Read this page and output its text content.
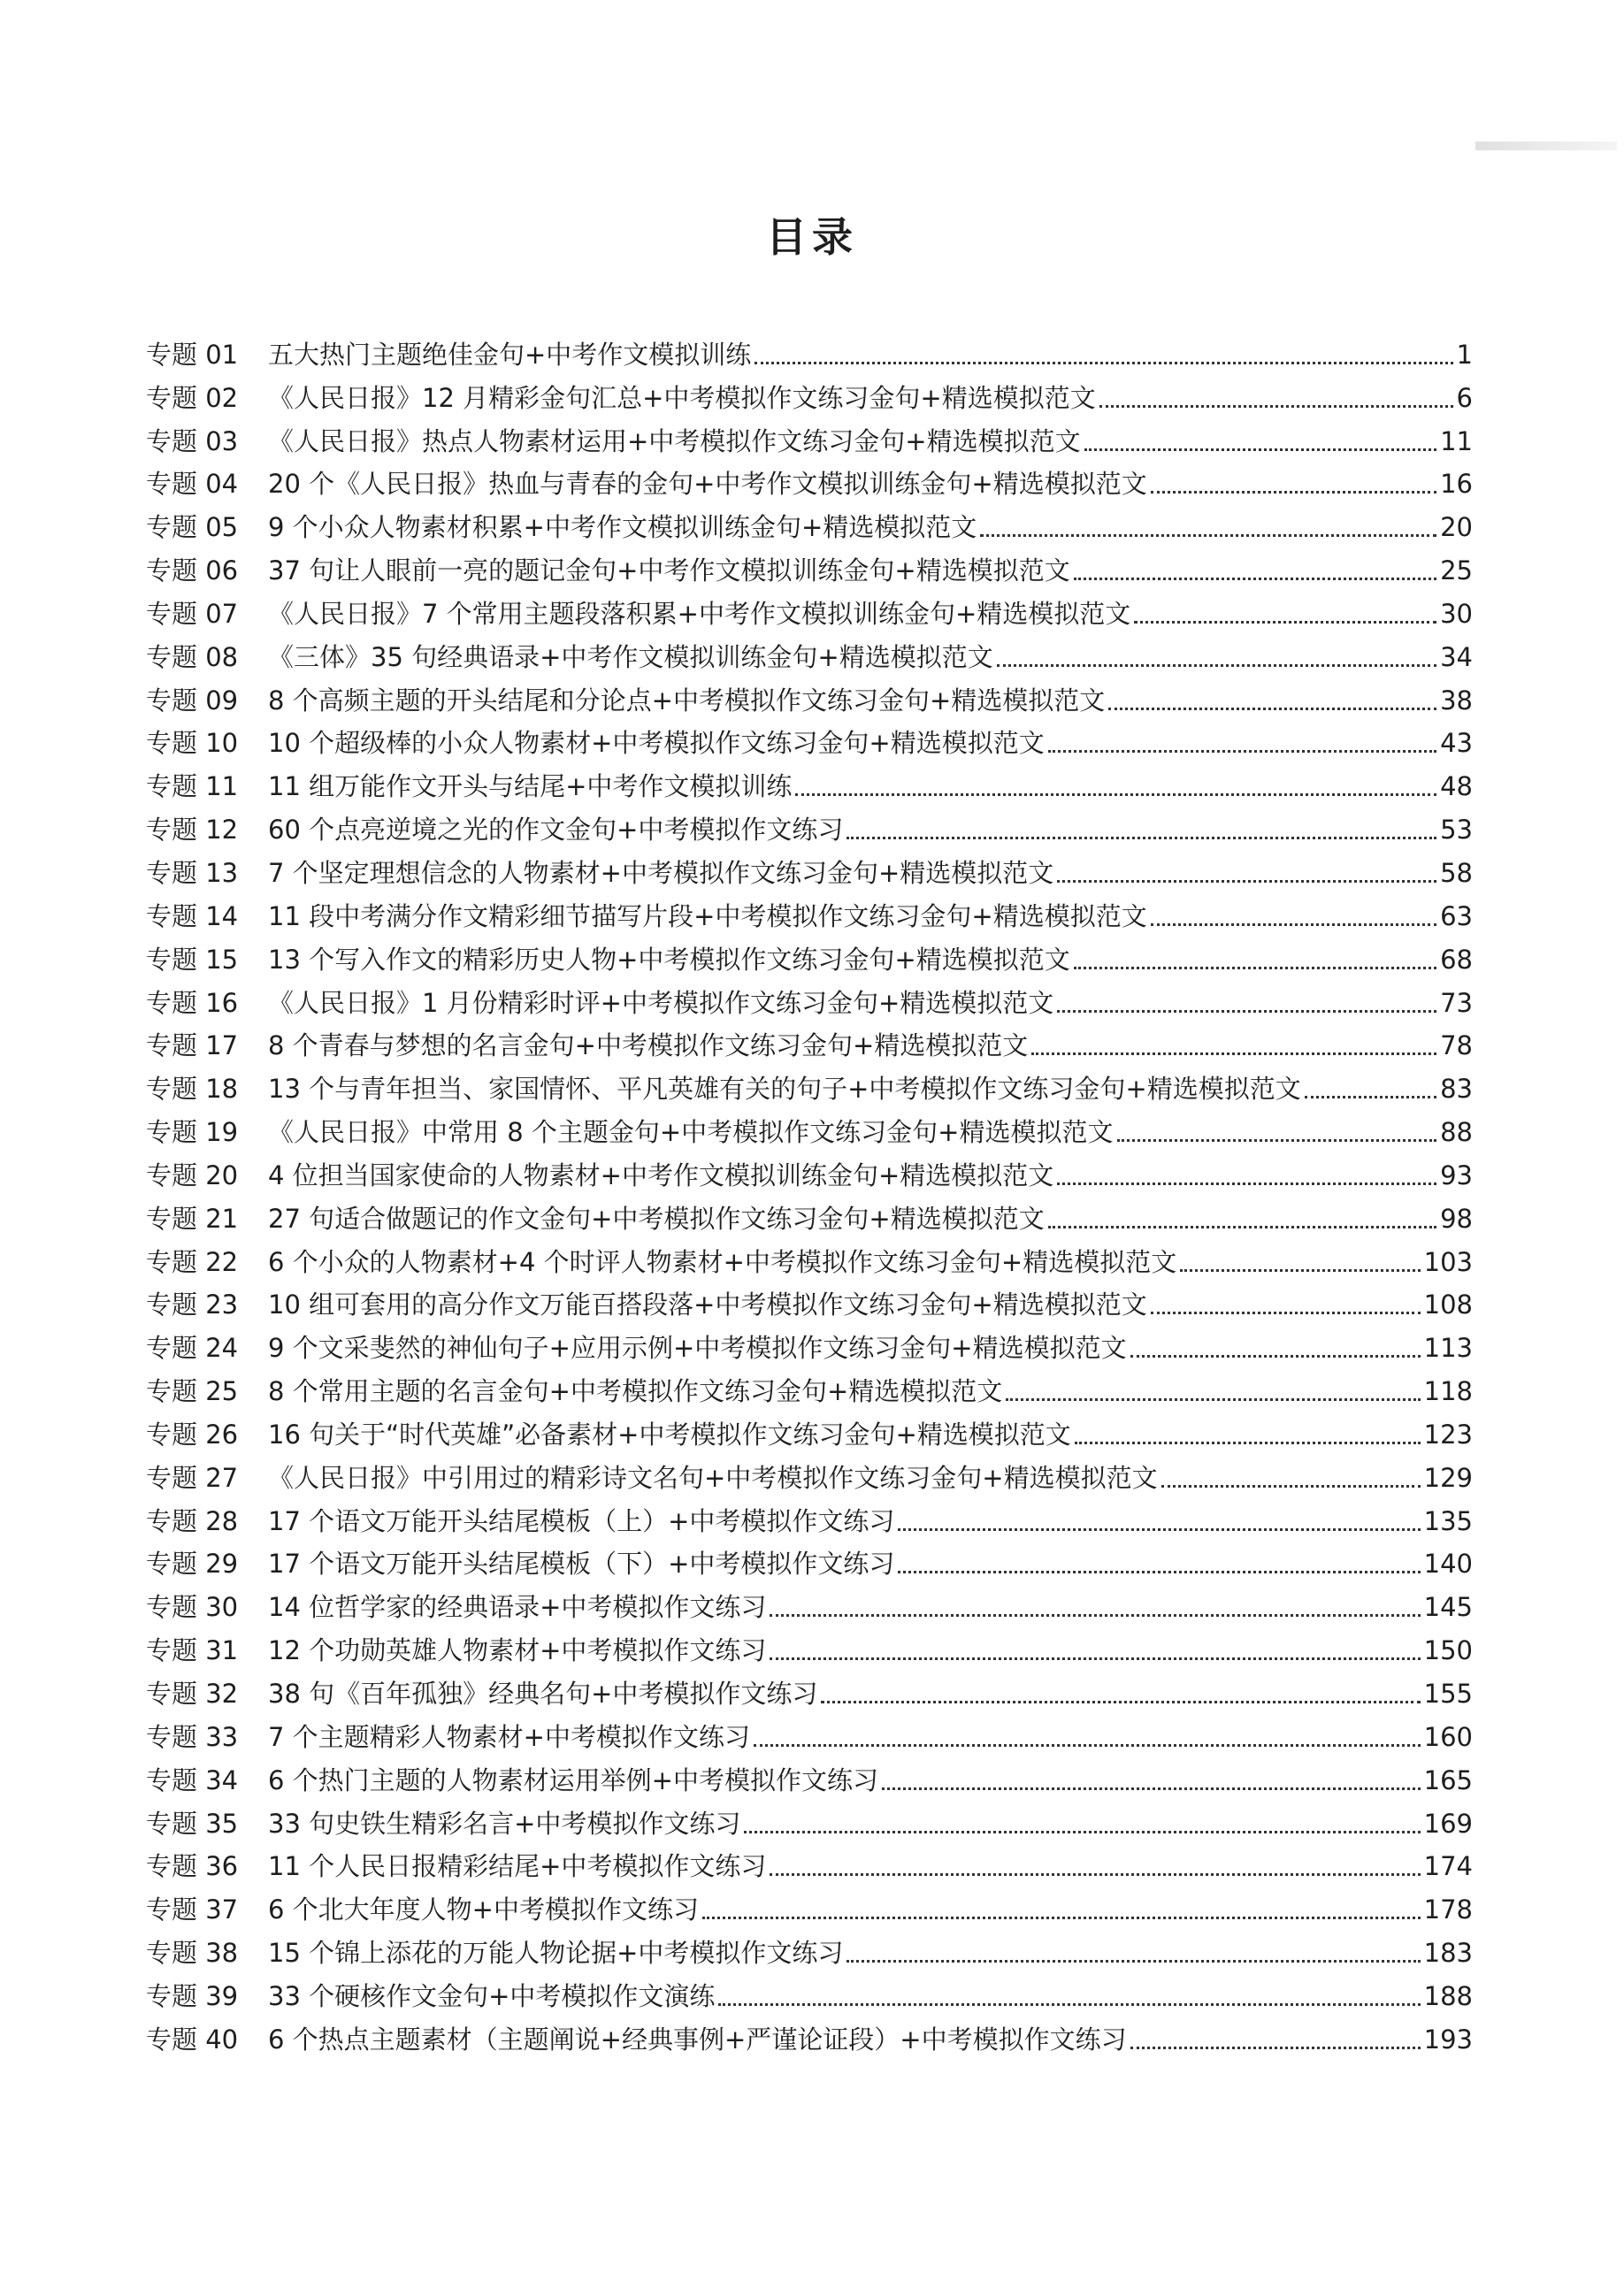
目录
专题 01	五大热门主题绝佳金句+中考作文模拟训练	1
专题 02	《人民日报》12 月精彩金句汇总+中考模拟作文练习金句+精选模拟范文	6
专题 03	《人民日报》热点人物素材运用+中考模拟作文练习金句+精选模拟范文	11
专题 04	20 个《人民日报》热血与青春的金句+中考作文模拟训练金句+精选模拟范文	16
专题 05	9 个小众人物素材积累+中考作文模拟训练金句+精选模拟范文	20
专题 06	37 句让人眼前一亮的题记金句+中考作文模拟训练金句+精选模拟范文	25
专题 07	《人民日报》7 个常用主题段落积累+中考作文模拟训练金句+精选模拟范文	30
专题 08	《三体》35 句经典语录+中考作文模拟训练金句+精选模拟范文	34
专题 09	8 个高频主题的开头结尾和分论点+中考模拟作文练习金句+精选模拟范文	38
专题 10	10 个超级棒的小众人物素材+中考模拟作文练习金句+精选模拟范文	43
专题 11	11 组万能作文开头与结尾+中考作文模拟训练	48
专题 12	60 个点亮逆境之光的作文金句+中考模拟作文练习	53
专题 13	7 个坚定理想信念的人物素材+中考模拟作文练习金句+精选模拟范文	58
专题 14	11 段中考满分作文精彩细节描写片段+中考模拟作文练习金句+精选模拟范文	63
专题 15	13 个写入作文的精彩历史人物+中考模拟作文练习金句+精选模拟范文	68
专题 16	《人民日报》1 月份精彩时评+中考模拟作文练习金句+精选模拟范文	73
专题 17	8 个青春与梦想的名言金句+中考模拟作文练习金句+精选模拟范文	78
专题 18	13 个与青年担当、家国情怀、平凡英雄有关的句子+中考模拟作文练习金句+精选模拟范文	83
专题 19	《人民日报》中常用 8 个主题金句+中考模拟作文练习金句+精选模拟范文	88
专题 20	4 位担当国家使命的人物素材+中考作文模拟训练金句+精选模拟范文	93
专题 21	27 句适合做题记的作文金句+中考模拟作文练习金句+精选模拟范文	98
专题 22	6 个小众的人物素材+4 个时评人物素材+中考模拟作文练习金句+精选模拟范文	103
专题 23	10 组可套用的高分作文万能百搭段落+中考模拟作文练习金句+精选模拟范文	108
专题 24	9 个文采斐然的神仙句子+应用示例+中考模拟作文练习金句+精选模拟范文	113
专题 25	8 个常用主题的名言金句+中考模拟作文练习金句+精选模拟范文	118
专题 26	16 句关于“时代英雄”必备素材+中考模拟作文练习金句+精选模拟范文	123
专题 27	《人民日报》中引用过的精彩诗文名句+中考模拟作文练习金句+精选模拟范文	129
专题 28	17 个语文万能开头结尾模板（上）+中考模拟作文练习	135
专题 29	17 个语文万能开头结尾模板（下）+中考模拟作文练习	140
专题 30	14 位哲学家的经典语录+中考模拟作文练习	145
专题 31	12 个功勋英雄人物素材+中考模拟作文练习	150
专题 32	38 句《百年孤独》经典名句+中考模拟作文练习	155
专题 33	7 个主题精彩人物素材+中考模拟作文练习	160
专题 34	6 个热门主题的人物素材运用举例+中考模拟作文练习	165
专题 35	33 句史铁生精彩名言+中考模拟作文练习	169
专题 36	11 个人民日报精彩结尾+中考模拟作文练习	174
专题 37	6 个北大年度人物+中考模拟作文练习	178
专题 38	15 个锦上添花的万能人物论据+中考模拟作文练习	183
专题 39	33 个硬核作文金句+中考模拟作文演练	188
专题 40	6 个热点主题素材（主题阐说+经典事例+严谨论证段）+中考模拟作文练习	193
